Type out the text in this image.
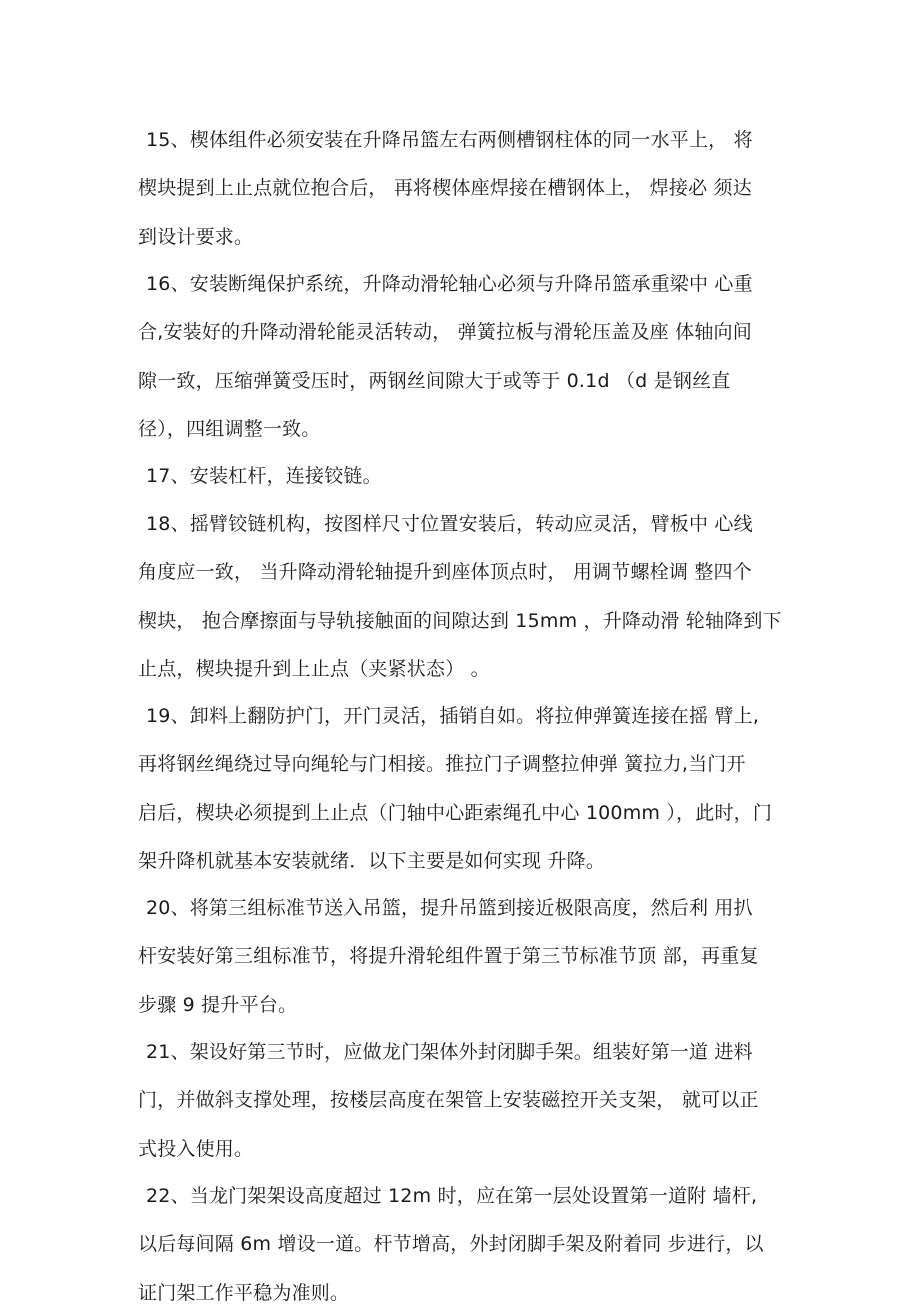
15、楔体组件必须安装在升降吊篮左右两侧槽钢柱体的同一水平上， 将
楔块提到上止点就位抱合后， 再将楔体座焊接在槽钢体上， 焊接必 须达
到设计要求。
16、安装断绳保护系统，升降动滑轮轴心必须与升降吊篮承重梁中 心重
合,安装好的升降动滑轮能灵活转动， 弹簧拉板与滑轮压盖及座 体轴向间
隙一致，压缩弹簧受压时，两钢丝间隙大于或等于 0.1d （d 是钢丝直
径），四组调整一致。
17、安装杠杆，连接铰链。
18、摇臂铰链机构，按图样尺寸位置安装后，转动应灵活，臂板中 心线
角度应一致， 当升降动滑轮轴提升到座体顶点时， 用调节螺栓调 整四个
楔块， 抱合摩擦面与导轨接触面的间隙达到 15mm ，升降动滑 轮轴降到下
止点，楔块提升到上止点（夹紧状态） 。
19、卸料上翻防护门，开门灵活，插销自如。将拉伸弹簧连接在摇 臂上,
再将钢丝绳绕过导向绳轮与门相接。推拉门子调整拉伸弹 簧拉力,当门开
启后，楔块必须提到上止点（门轴中心距索绳孔中心 100mm ），此时，门
架升降机就基本安装就绪．以下主要是如何实现 升降。
20、将第三组标准节送入吊篮，提升吊篮到接近极限高度，然后利 用扒
杆安装好第三组标准节，将提升滑轮组件置于第三节标准节顶 部，再重复
步骤 9 提升平台。
21、架设好第三节时，应做龙门架体外封闭脚手架。组装好第一道 进料
门，并做斜支撑处理，按楼层高度在架管上安装磁控开关支架， 就可以正
式投入使用。
22、当龙门架架设高度超过 12m 时，应在第一层处设置第一道附 墙杆,
以后每间隔 6m 增设一道。杆节增高，外封闭脚手架及附着同 步进行，以
证门架工作平稳为准则。
